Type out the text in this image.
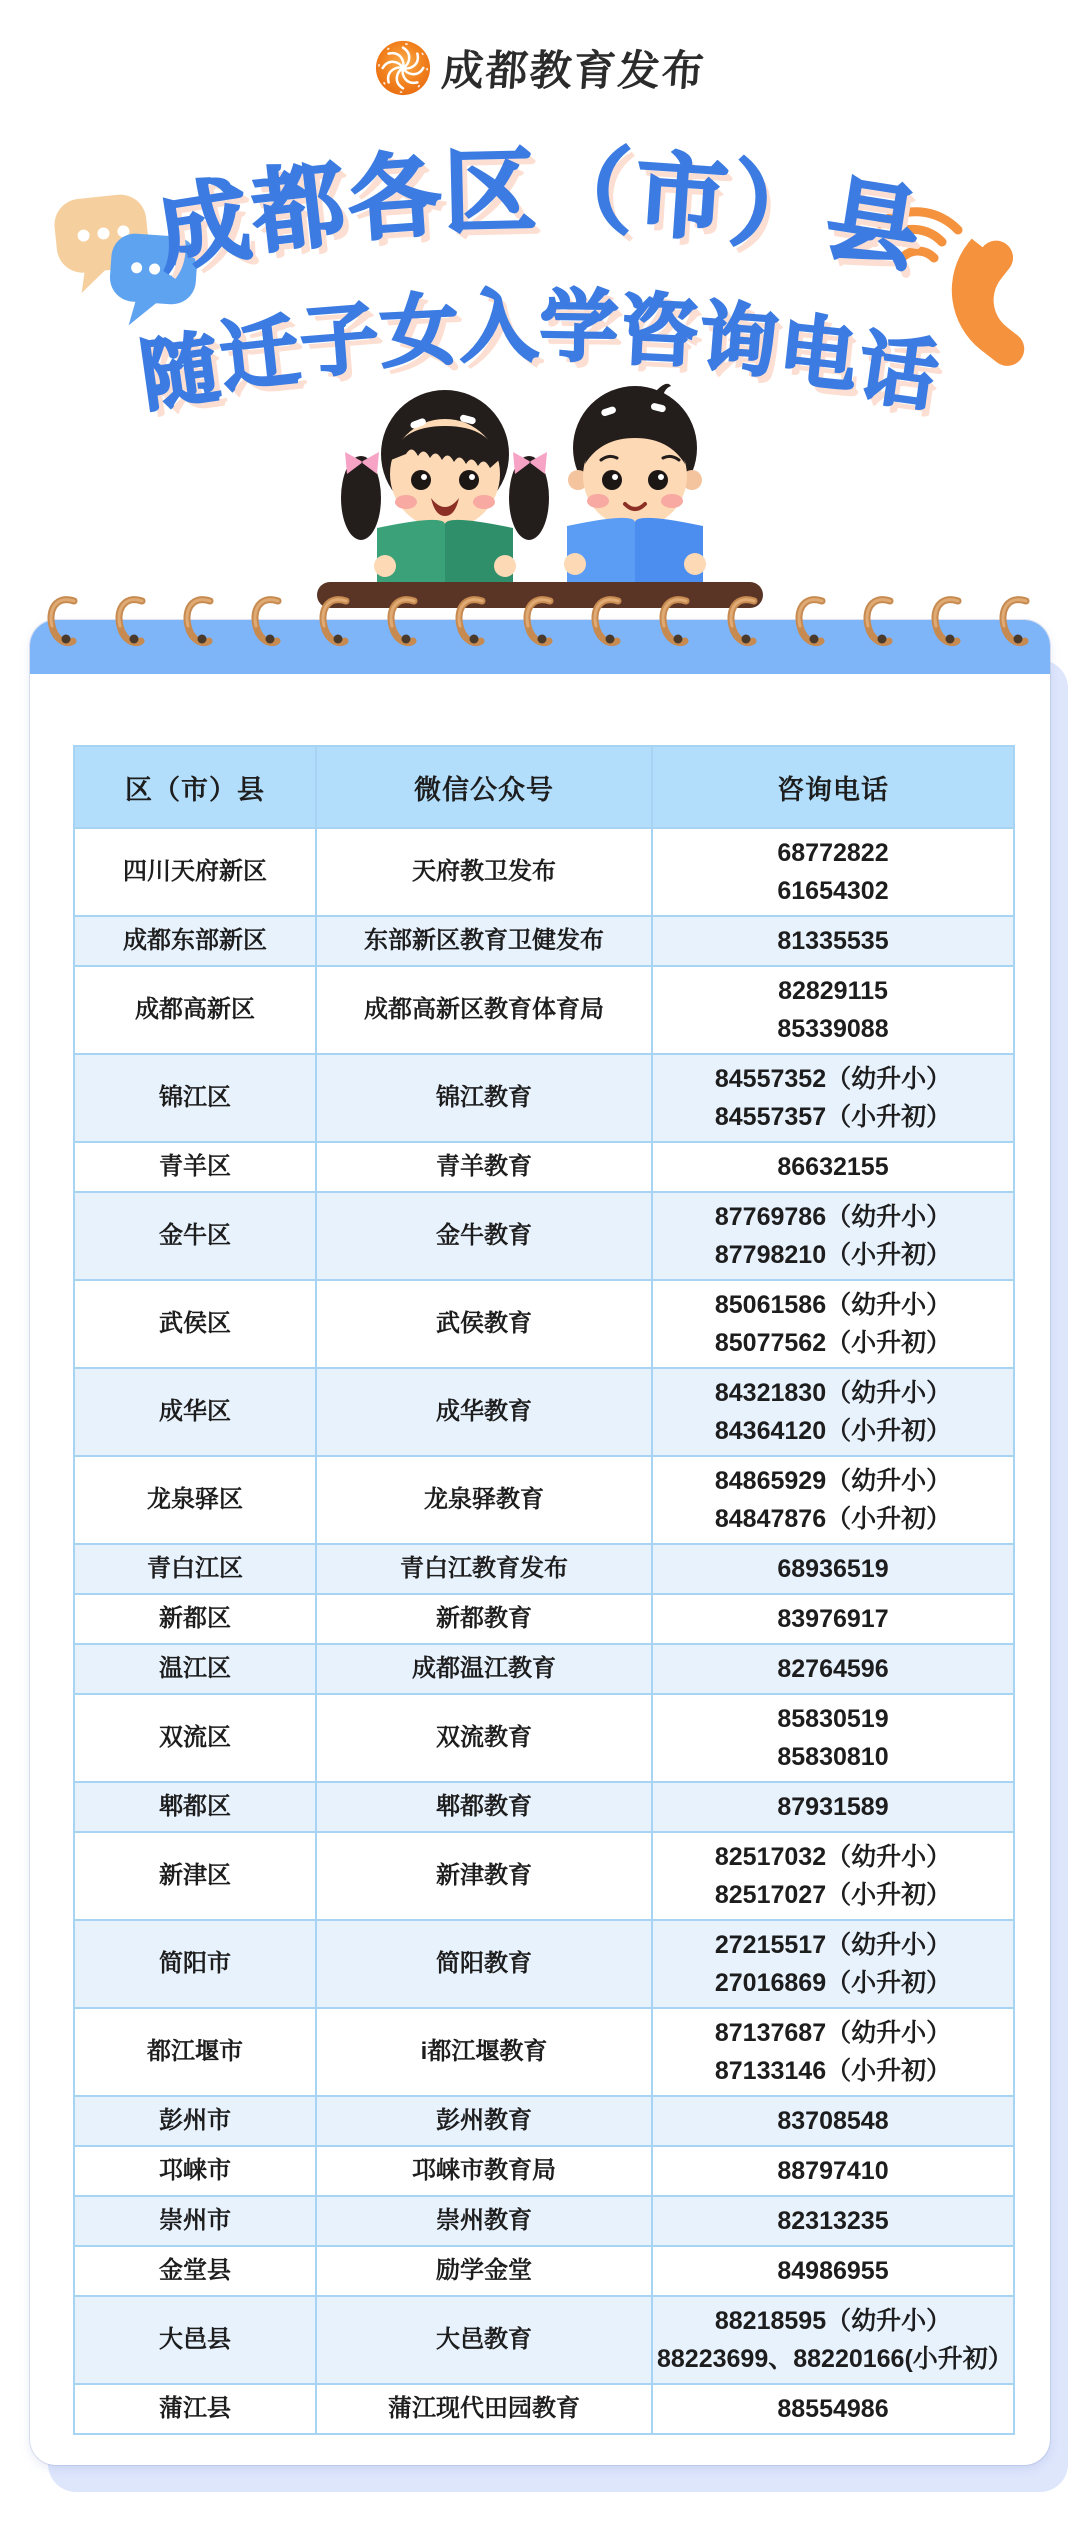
成都教育发布
成都各区（市）县
随迁子女入学咨询电话
区（市）县	微信公众号	咨询电话
四川天府新区	天府教卫发布	68772822
61654302

成都东部新区	东部新区教育卫健发布	81335535

成都高新区	成都高新区教育体育局	82829115
85339088

锦江区	锦江教育	84557352（幼升小）
84557357（小升初）

青羊区	青羊教育	86632155

金牛区	金牛教育	87769786（幼升小）
87798210（小升初）

武侯区	武侯教育	85061586（幼升小）
85077562（小升初）

成华区	成华教育	84321830（幼升小）
84364120（小升初）

龙泉驿区	龙泉驿教育	84865929（幼升小）
84847876（小升初）

青白江区	青白江教育发布	68936519

新都区	新都教育	83976917

温江区	成都温江教育	82764596

双流区	双流教育	85830519
85830810

郫都区	郫都教育	87931589

新津区	新津教育	82517032（幼升小）
82517027（小升初）

简阳市	简阳教育	27215517（幼升小）
27016869（小升初）

都江堰市	i都江堰教育	87137687（幼升小）
87133146（小升初）

彭州市	彭州教育	83708548

邛崃市	邛崃市教育局	88797410

崇州市	崇州教育	82313235

金堂县	励学金堂	84986955

大邑县	大邑教育	88218595（幼升小）
88223699、88220166(小升初）

蒲江县	蒲江现代田园教育	88554986
